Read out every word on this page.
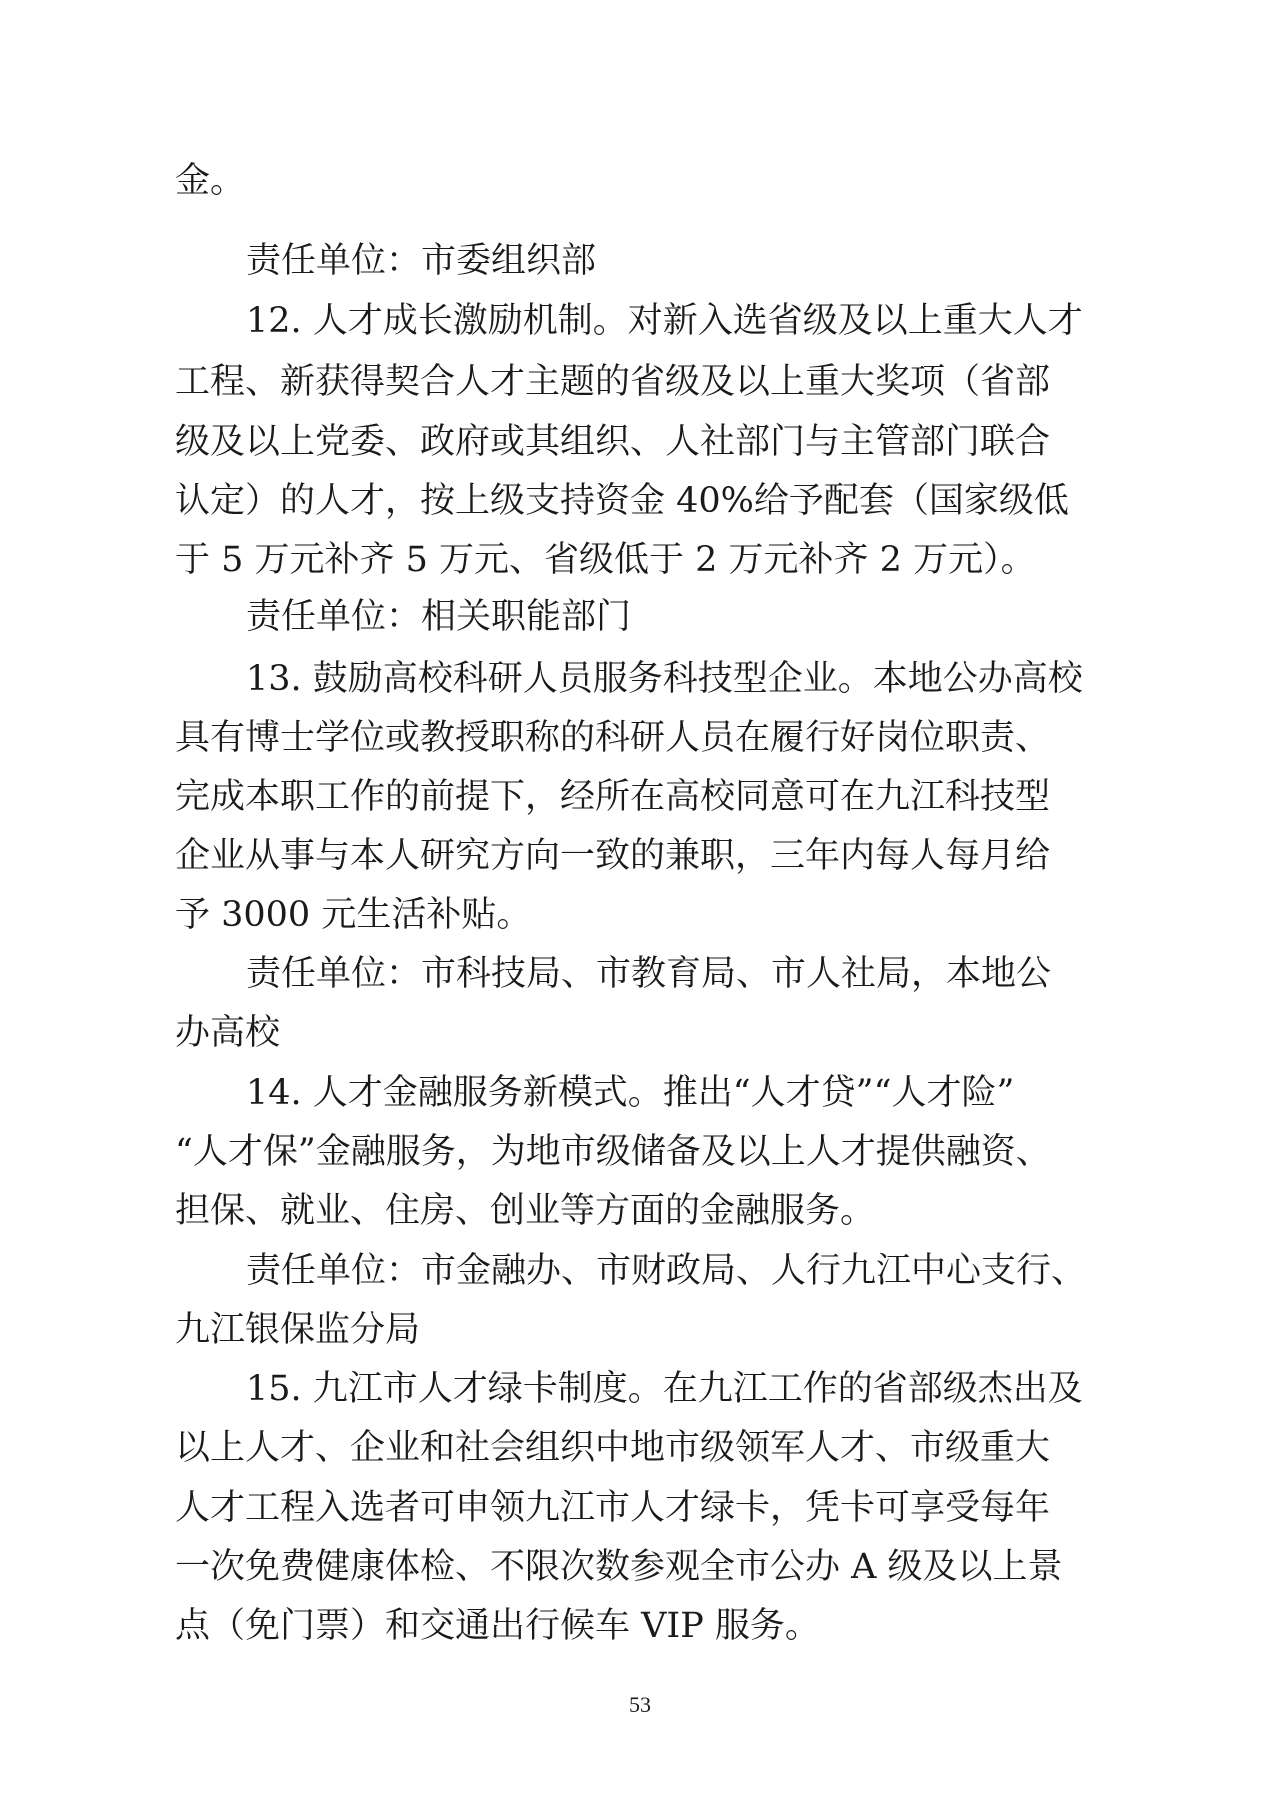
金。
责任单位：市委组织部
12. 人才成长激励机制。对新入选省级及以上重大人才
工程、新获得契合人才主题的省级及以上重大奖项（省部
级及以上党委、政府或其组织、人社部门与主管部门联合
认定）的人才，按上级支持资金 40%给予配套（国家级低
于 5 万元补齐 5 万元、省级低于 2 万元补齐 2 万元）。
责任单位：相关职能部门
13. 鼓励高校科研人员服务科技型企业。本地公办高校
具有博士学位或教授职称的科研人员在履行好岗位职责、
完成本职工作的前提下，经所在高校同意可在九江科技型
企业从事与本人研究方向一致的兼职，三年内每人每月给
予 3000 元生活补贴。
责任单位：市科技局、市教育局、市人社局，本地公
办高校
14. 人才金融服务新模式。推出“人才贷”“人才险”
“人才保”金融服务，为地市级储备及以上人才提供融资、
担保、就业、住房、创业等方面的金融服务。
责任单位：市金融办、市财政局、人行九江中心支行、
九江银保监分局
15. 九江市人才绿卡制度。在九江工作的省部级杰出及
以上人才、企业和社会组织中地市级领军人才、市级重大
人才工程入选者可申领九江市人才绿卡，凭卡可享受每年
一次免费健康体检、不限次数参观全市公办 A 级及以上景
点（免门票）和交通出行候车 VIP 服务。
53
